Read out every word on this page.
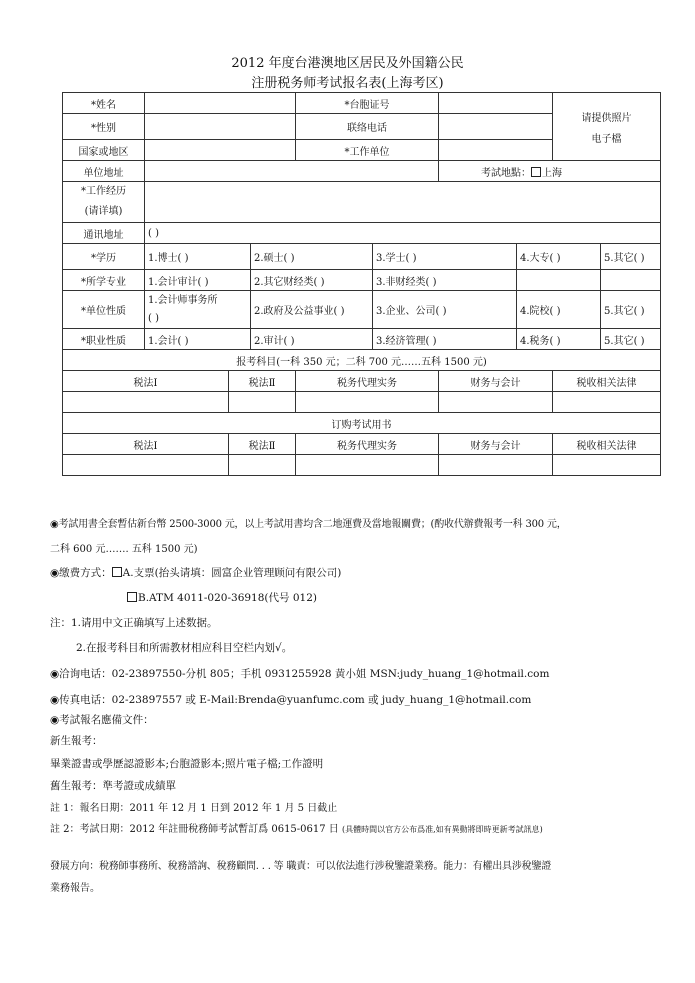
2012 年度台港澳地区居民及外国籍公民
注册税务师考试报名表(上海考区)
*姓名				*台胞证号				请提供照片
电子檔	

*性别				联络电话					
国家或地区				*工作单位					
单位地址						考試地點： 上海			

*工作经历
(请详填)									

通讯地址	( )								
*学历	1.博士( )		2.硕士( )		3.学士( )		4.大专( )		5.其它( )
*所学专业	1.会计审计( )		2.其它财经类( )		3.非财经类( )				
*单位性质	1.会计师事务所
( )		2.政府及公益事业( )		3.企业、公司( )		4.院校( )		5.其它( )
*职业性质	1.会计( )		2.审计( )		3.经济管理( )		4.税务( )		5.其它( )
报考科目(一科 350 元；二科 700 元……五科 1500 元)									
税法Ⅰ		税法Ⅱ		税务代理实务		财务与会计		税收相关法律	

订购考试用书									
税法Ⅰ		税法Ⅱ		税务代理实务		财务与会计		税收相关法律	

◉考試用書全套暫估新台幣 2500-3000 元，以上考試用書均含二地運費及當地報關費；(酌收代辦費報考一科 300 元，
二科 600 元……. 五科 1500 元)
◉缴费方式： A.支票(抬头请填：圆富企业管理顾问有限公司)
B.ATM 4011-020-36918(代号 012)
注：1.请用中文正确填写上述数据。
2.在报考科目和所需教材相应科目空栏内划√。
◉洽询电话：02-23897550-分机 805；手机 0931255928 黄小姐 MSN:judy_huang_1@hotmail.com
◉传真电话：02-23897557 或 E-Mail:Brenda@yuanfumc.com 或 judy_huang_1@hotmail.com
◉考試報名應備文件：
新生報考：
畢業證書或學歷認證影本;台胞證影本;照片電子檔;工作證明
舊生報考：準考證或成績單
註 1：報名日期：2011 年 12 月 1 日到 2012 年 1 月 5 日截止
註 2：考試日期：2012 年註冊稅務師考試暫訂爲 0615-0617 日 (具體時間以官方公布爲准,如有異動將即時更新考試訊息)
發展方向：稅務師事務所、稅務諮詢、稅務顧問. . . 等 職責：可以依法進行涉稅鑒證業務。能力：有權出具涉稅鑒證
業務報告。
